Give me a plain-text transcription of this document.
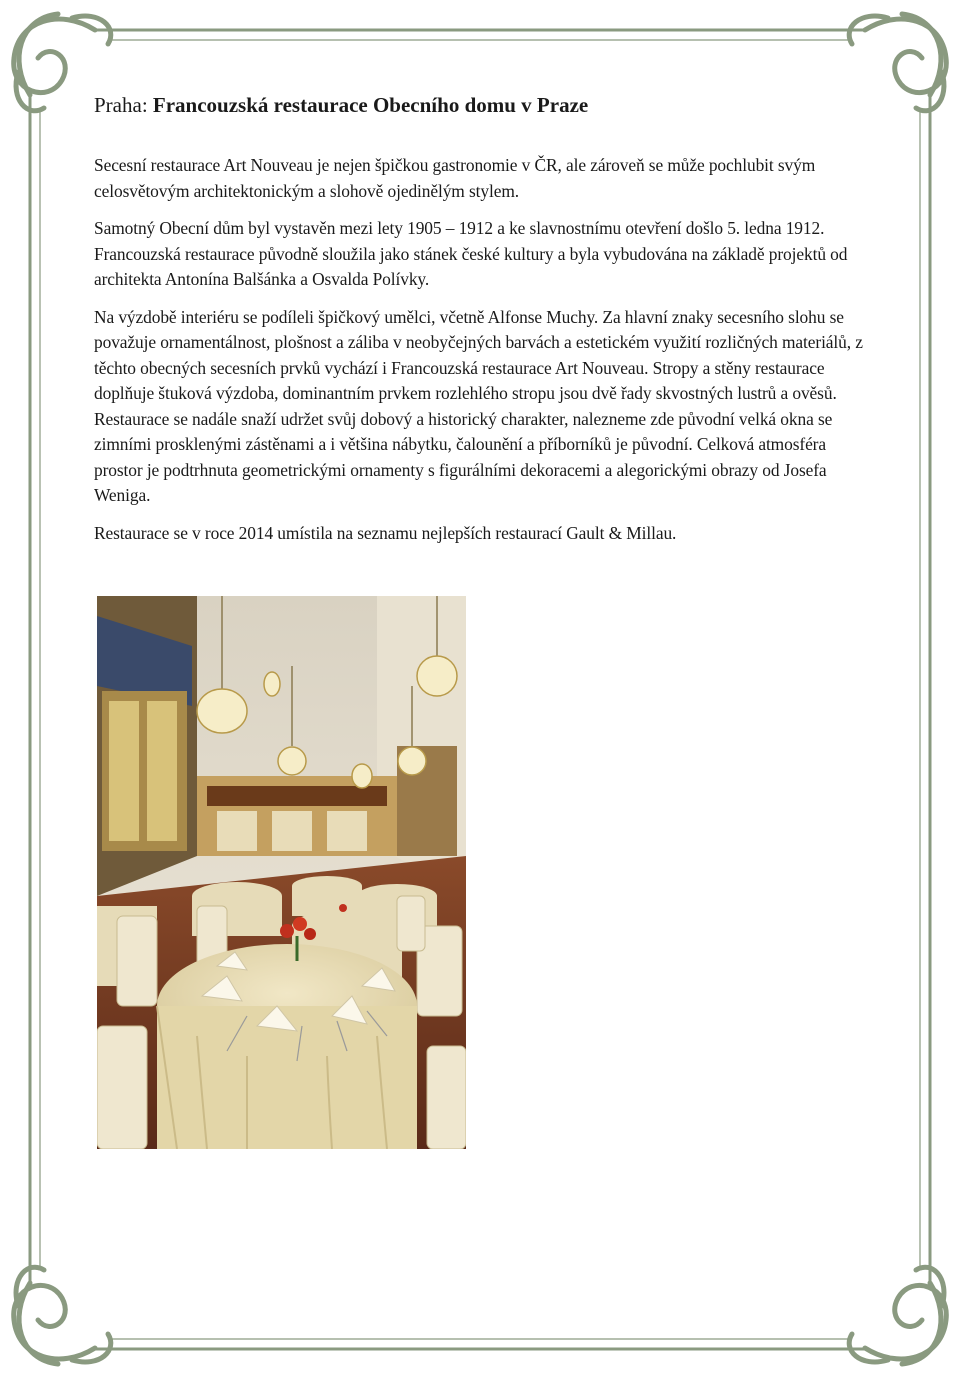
Praha: Francouzská restaurace Obecního domu v Praze

Secesní restaurace Art Nouveau je nejen špičkou gastronomie v ČR, ale zároveň se může pochlubit svým celosvětovým architektonickým a slohově ojedinělým stylem.

Samotný Obecní dům byl vystavěn mezi lety 1905 – 1912 a ke slavnostnímu otevření došlo 5. ledna 1912. Francouzská restaurace původně sloužila jako stánek české kultury a byla vybudována na základě projektů od architekta Antonína Balšánka a Osvalda Polívky.

Na výzdobě interiéru se podíleli špičkový umělci, včetně Alfonse Muchy. Za hlavní znaky secesního slohu se považuje ornamentálnost, plošnost a záliba v neobyčejných barvách a estetickém využití rozličných materiálů, z těchto obecných secesních prvků vychází i Francouzská restaurace Art Nouveau. Stropy a stěny restaurace doplňuje štuková výzdoba, dominantním prvkem rozlehlého stropu jsou dvě řady skvostných lustrů a ověsů. Restaurace se nadále snaží udržet svůj dobový a historický charakter, nalezneme zde původní velká okna se zimními prosklenými zástěnami a i většina nábytku, čalounění a příborníků je původní. Celková atmosféra prostor je podtrhnuta geometrickými ornamenty s figurálními dekoracemi a alegorickými obrazy od Josefa Weniga.

Restaurace se v roce 2014 umístila na seznamu nejlepších restaurací Gault & Millau.
